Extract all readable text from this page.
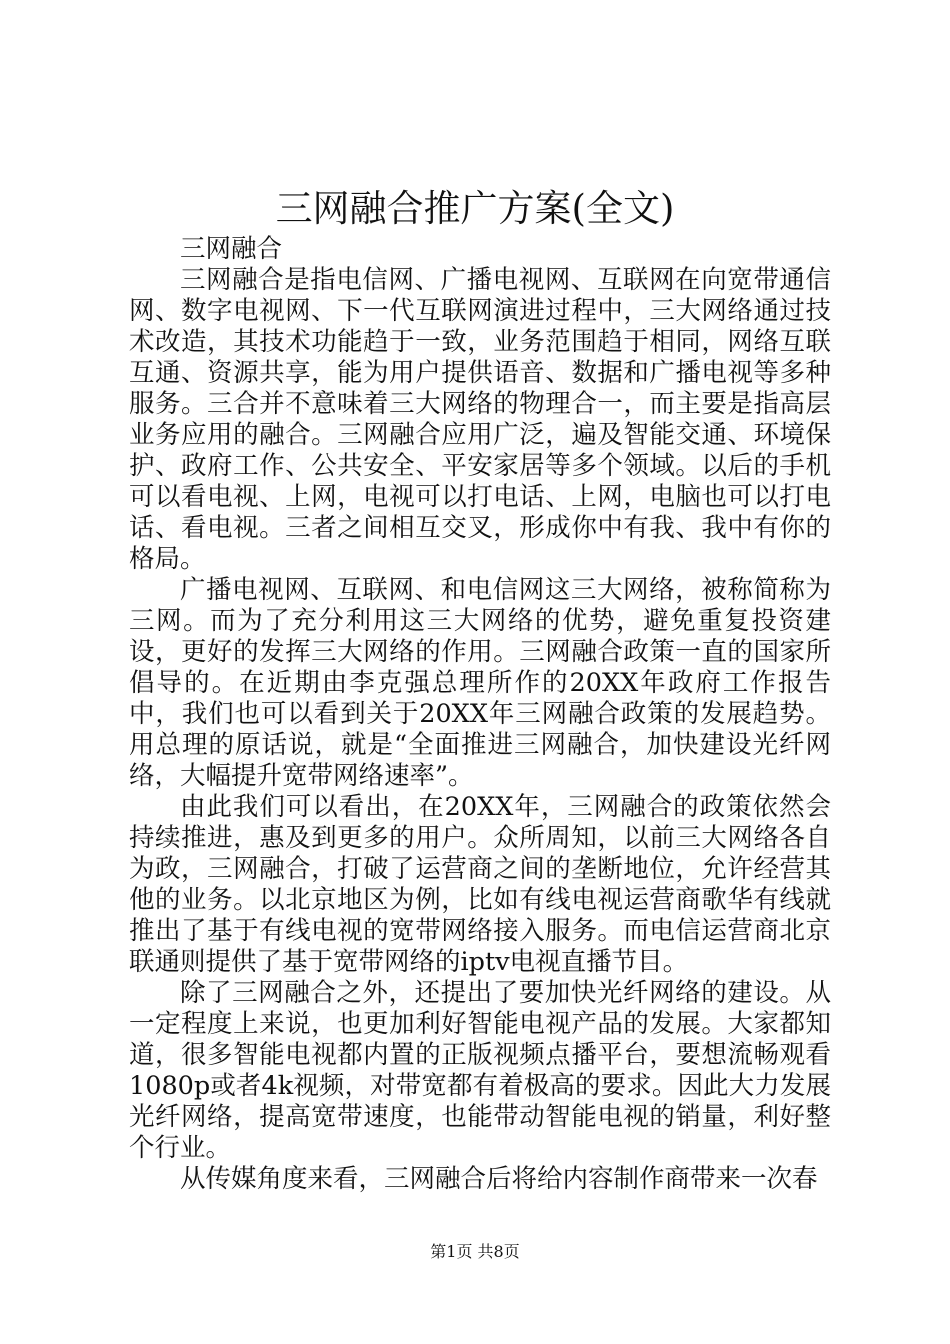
三网融合推广方案(全文)

三网融合

三网融合是指电信网、广播电视网、互联网在向宽带通信网、数字电视网、下一代互联网演进过程中，三大网络通过技术改造，其技术功能趋于一致，业务范围趋于相同，网络互联互通、资源共享，能为用户提供语音、数据和广播电视等多种服务。三合并不意味着三大网络的物理合一，而主要是指高层业务应用的融合。三网融合应用广泛，遍及智能交通、环境保护、政府工作、公共安全、平安家居等多个领域。以后的手机可以看电视、上网，电视可以打电话、上网，电脑也可以打电话、看电视。三者之间相互交叉，形成你中有我、我中有你的格局。

广播电视网、互联网、和电信网这三大网络，被称简称为三网。而为了充分利用这三大网络的优势，避免重复投资建设，更好的发挥三大网络的作用。三网融合政策一直的国家所倡导的。在近期由李克强总理所作的20XX年政府工作报告中，我们也可以看到关于20XX年三网融合政策的发展趋势。用总理的原话说，就是“全面推进三网融合，加快建设光纤网络，大幅提升宽带网络速率”。

由此我们可以看出，在20XX年，三网融合的政策依然会持续推进，惠及到更多的用户。众所周知，以前三大网络各自为政，三网融合，打破了运营商之间的垄断地位，允许经营其他的业务。以北京地区为例，比如有线电视运营商歌华有线就推出了基于有线电视的宽带网络接入服务。而电信运营商北京联通则提供了基于宽带网络的iptv电视直播节目。

除了三网融合之外，还提出了要加快光纤网络的建设。从一定程度上来说，也更加利好智能电视产品的发展。大家都知道，很多智能电视都内置的正版视频点播平台，要想流畅观看1080p或者4k视频，对带宽都有着极高的要求。因此大力发展光纤网络，提高宽带速度，也能带动智能电视的销量，利好整个行业。

从传媒角度来看，三网融合后将给内容制作商带来一次春

第1页 共8页
